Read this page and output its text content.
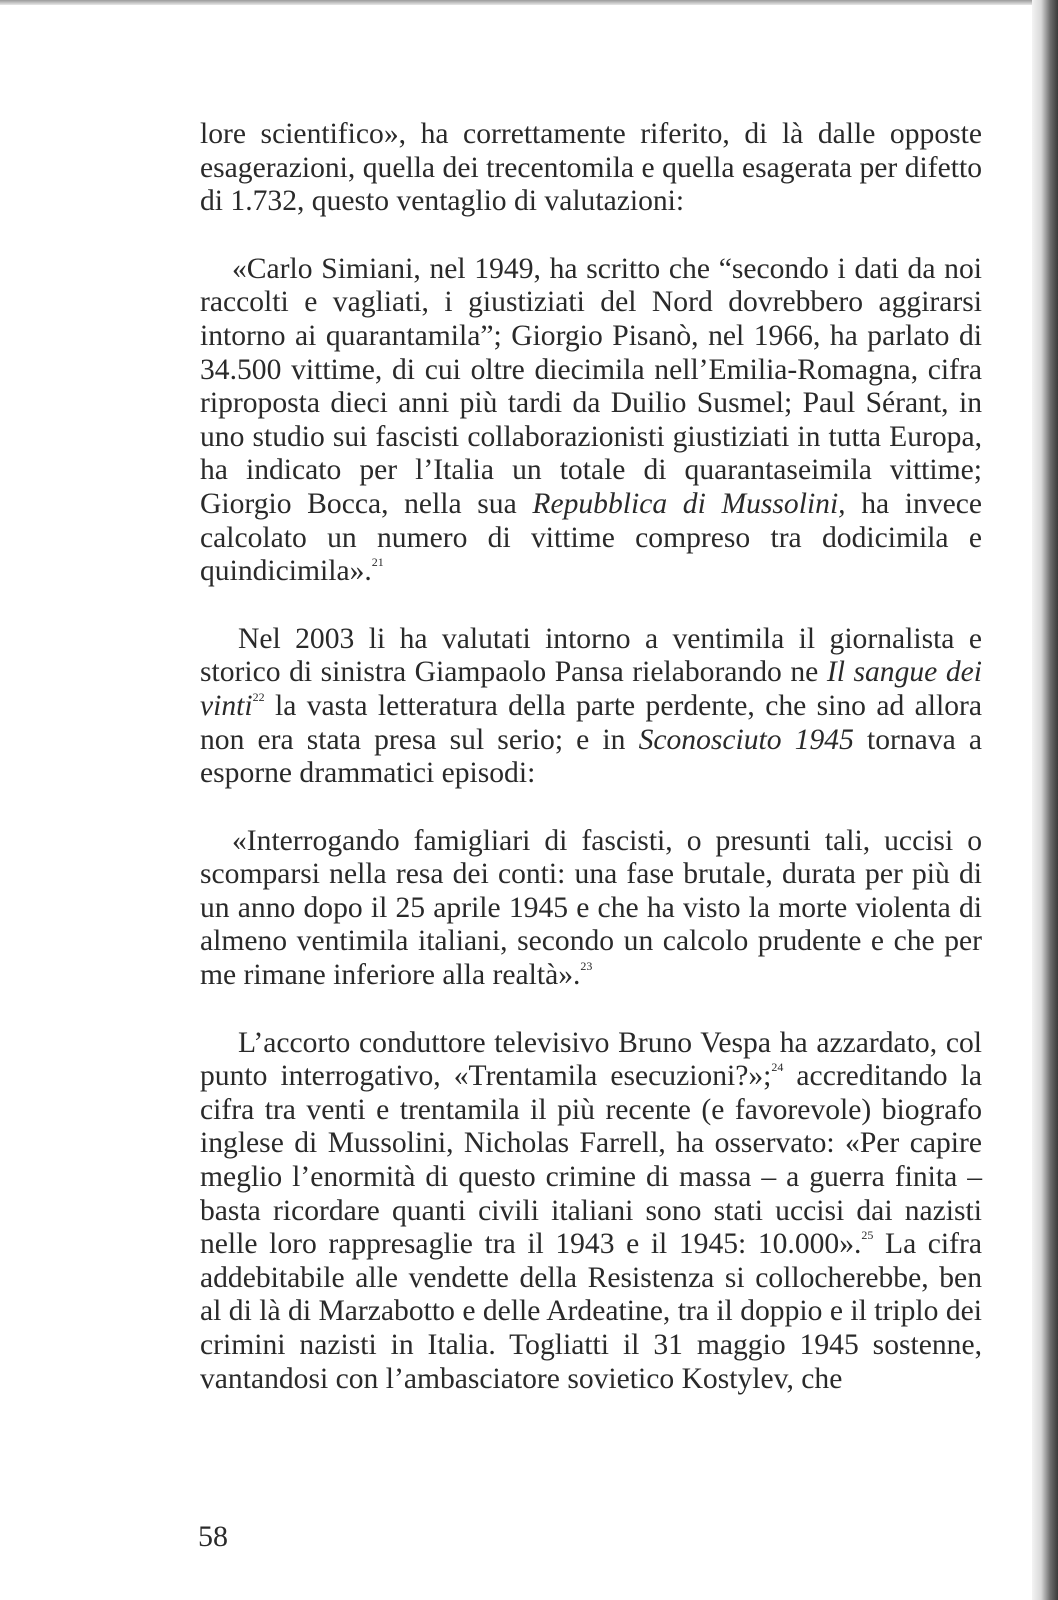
lore scientifico», ha correttamente riferito, di là dalle opposte esagerazioni, quella dei trecentomila e quella esagerata per difetto di 1.732, questo ventaglio di valutazioni:

«Carlo Simiani, nel 1949, ha scritto che “secondo i dati da noi raccolti e vagliati, i giustiziati del Nord dovrebbero aggirarsi intorno ai quarantamila”; Giorgio Pisanò, nel 1966, ha parlato di 34.500 vittime, di cui oltre diecimila nell’Emilia-Romagna, cifra riproposta dieci anni più tardi da Duilio Susmel; Paul Sérant, in uno studio sui fascisti collaborazionisti giustiziati in tutta Europa, ha indicato per l’Italia un totale di quarantaseimila vittime; Giorgio Bocca, nella sua Repubblica di Mussolini, ha invece calcolato un numero di vittime compreso tra dodicimila e quindicimila».$^{21}$

Nel 2003 li ha valutati intorno a ventimila il giornalista e storico di sinistra Giampaolo Pansa rielaborando ne Il sangue dei vinti$^{22}$ la vasta letteratura della parte perdente, che sino ad allora non era stata presa sul serio; e in Sconosciuto 1945 tornava a esporne drammatici episodi:

«Interrogando famigliari di fascisti, o presunti tali, uccisi o scomparsi nella resa dei conti: una fase brutale, durata per più di un anno dopo il 25 aprile 1945 e che ha visto la morte violenta di almeno ventimila italiani, secondo un calcolo prudente e che per me rimane inferiore alla realtà».$^{23}$

L’accorto conduttore televisivo Bruno Vespa ha azzardato, col punto interrogativo, «Trentamila esecuzioni?»;$^{24}$ accreditando la cifra tra venti e trentamila il più recente (e favorevole) biografo inglese di Mussolini, Nicholas Farrell, ha osservato: «Per capire meglio l’enormità di questo crimine di massa – a guerra finita – basta ricordare quanti civili italiani sono stati uccisi dai nazisti nelle loro rappresaglie tra il 1943 e il 1945: 10.000».$^{25}$ La cifra addebitabile alle vendette della Resistenza si collocherebbe, ben al di là di Marzabotto e delle Ardeatine, tra il doppio e il triplo dei crimini nazisti in Italia. Togliatti il 31 maggio 1945 sostenne, vantandosi con l’ambasciatore sovietico Kostylev, che

58
